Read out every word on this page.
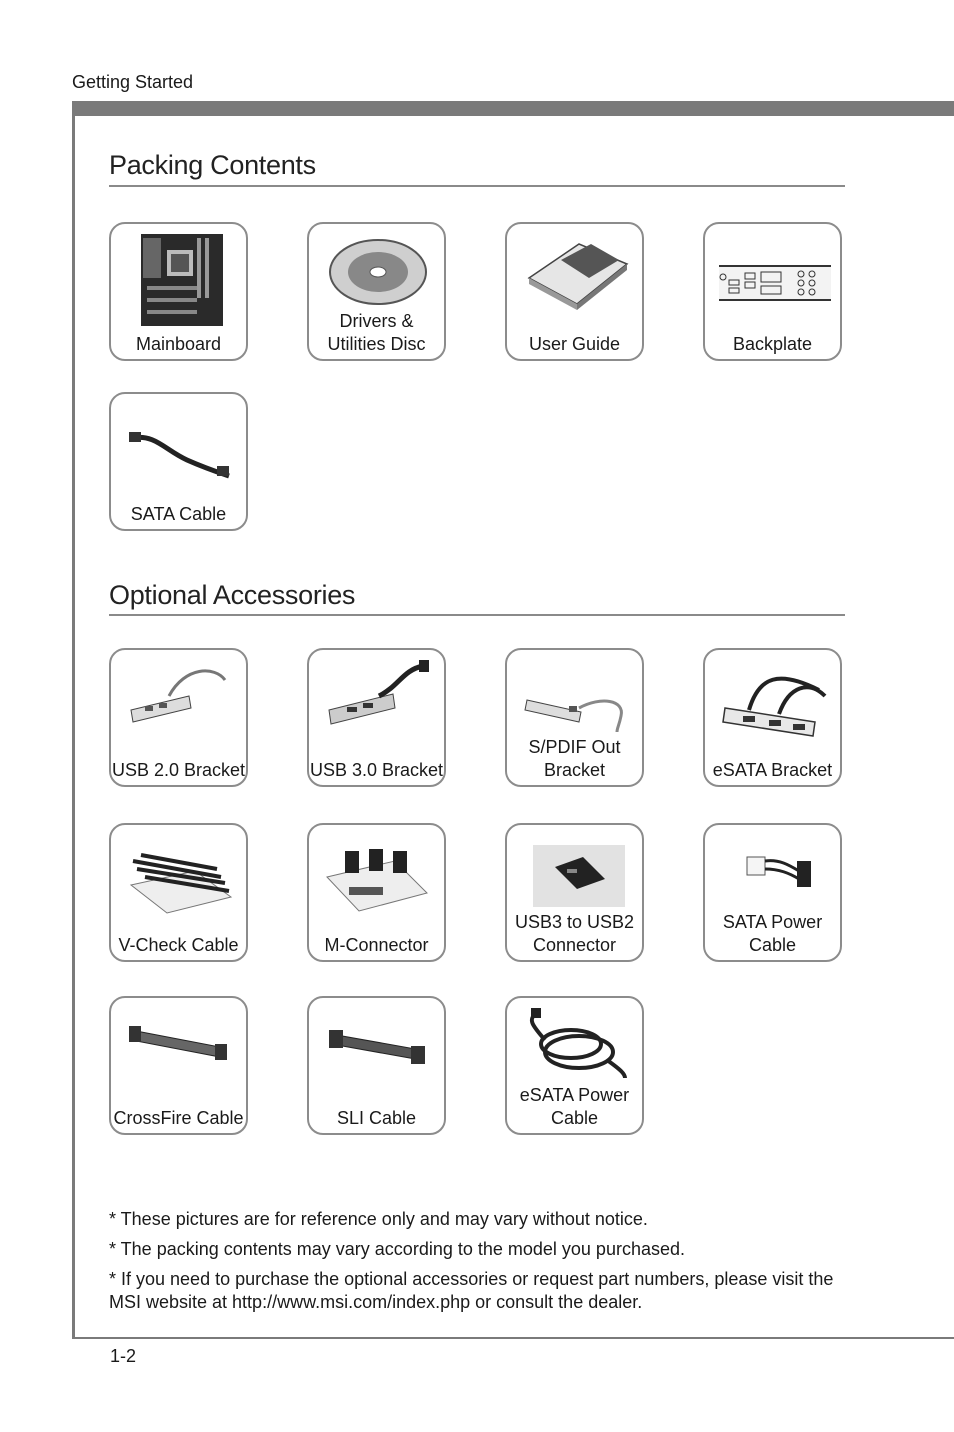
Getting Started
Packing Contents
Mainboard
Drivers & Utilities Disc	User Guide	Backplate
SATA Cable
Optional Accessories
USB 2.0 Bracket	USB 3.0 Bracket
S/PDIF Out Bracket	eSATA Bracket
V-Check Cable	M-Connector
USB3 to USB2 Connector
SATA Power Cable
CrossFire Cable	SLI Cable
eSATA Power Cable

* These pictures are for reference only and may vary without notice.

* The packing contents may vary according to the model you purchased.

* If you need to purchase the optional accessories or request part numbers, please visit the MSI website at http://www.msi.com/index.php or consult the dealer.

1-2
